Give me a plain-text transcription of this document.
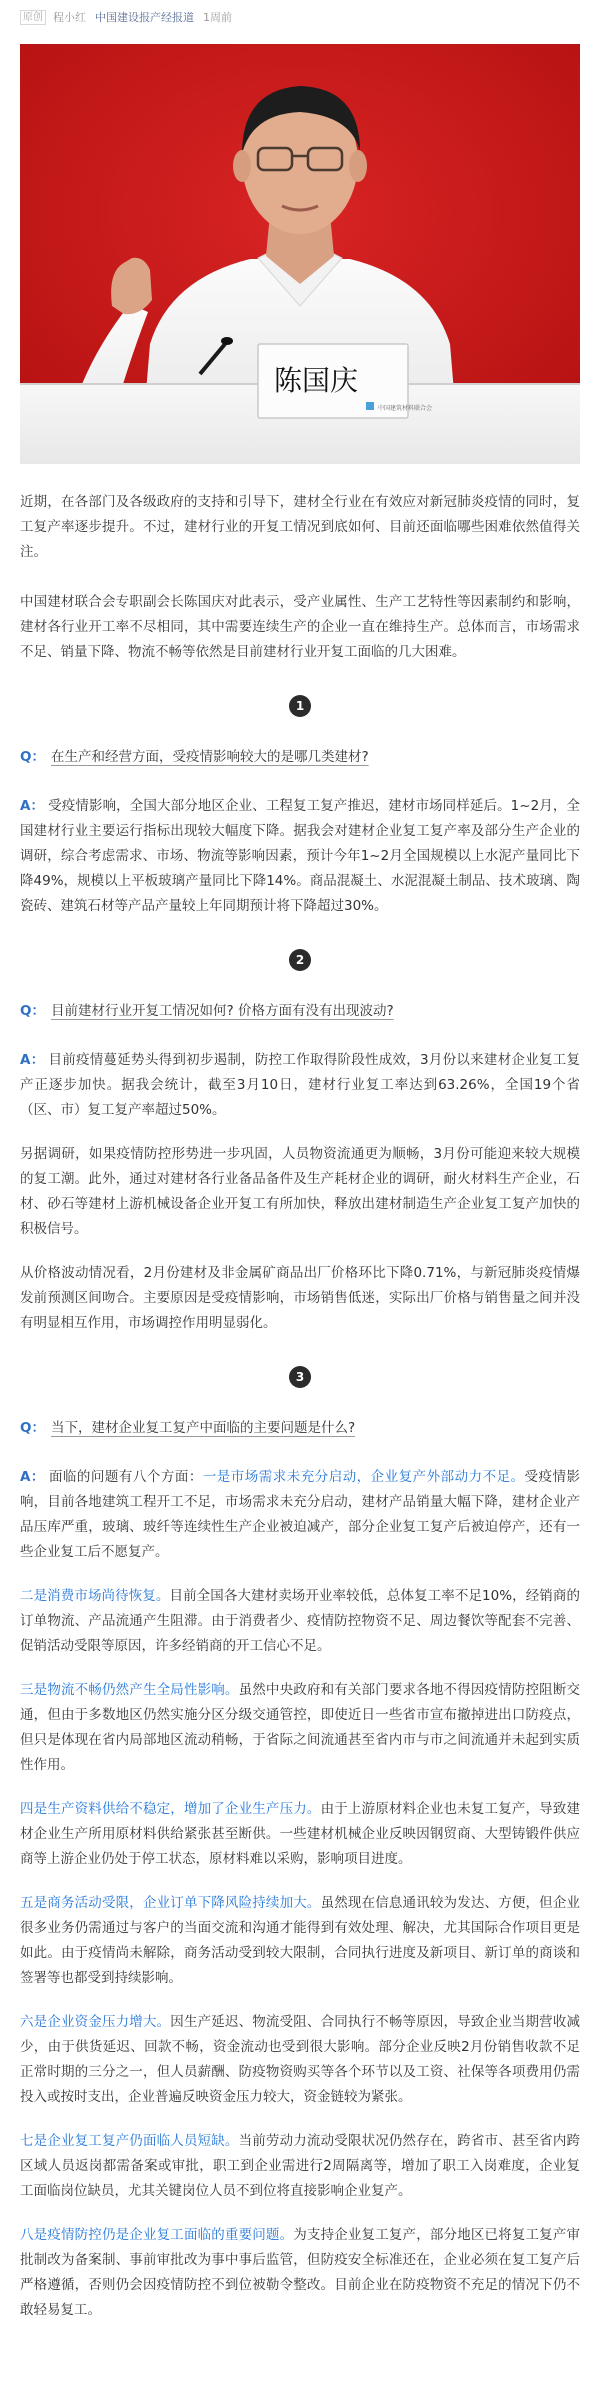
原创 程小红 中国建设报产经报道 1周前
陈国庆
中国建筑材料联合会

近期，在各部门及各级政府的支持和引导下，建材全行业在有效应对新冠肺炎疫情的同时，复工复产率逐步提升。不过，建材行业的开复工情况到底如何、目前还面临哪些困难依然值得关注。

中国建材联合会专职副会长陈国庆对此表示，受产业属性、生产工艺特性等因素制约和影响，建材各行业开工率不尽相同，其中需要连续生产的企业一直在维持生产。总体而言，市场需求不足、销量下降、物流不畅等依然是目前建材行业开复工面临的几大困难。

1

Q： 在生产和经营方面，受疫情影响较大的是哪几类建材?

A： 受疫情影响，全国大部分地区企业、工程复工复产推迟，建材市场同样延后。1~2月，全国建材行业主要运行指标出现较大幅度下降。据我会对建材企业复工复产率及部分生产企业的调研，综合考虑需求、市场、物流等影响因素，预计今年1~2月全国规模以上水泥产量同比下降49%，规模以上平板玻璃产量同比下降14%。商品混凝土、水泥混凝土制品、技术玻璃、陶瓷砖、建筑石材等产品产量较上年同期预计将下降超过30%。

2

Q： 目前建材行业开复工情况如何? 价格方面有没有出现波动?

A： 目前疫情蔓延势头得到初步遏制，防控工作取得阶段性成效，3月份以来建材企业复工复产正逐步加快。据我会统计，截至3月10日，建材行业复工率达到63.26%，全国19个省（区、市）复工复产率超过50%。

另据调研，如果疫情防控形势进一步巩固，人员物资流通更为顺畅，3月份可能迎来较大规模的复工潮。此外，通过对建材各行业备品备件及生产耗材企业的调研，耐火材料生产企业，石材、砂石等建材上游机械设备企业开复工有所加快，释放出建材制造生产企业复工复产加快的积极信号。

从价格波动情况看，2月份建材及非金属矿商品出厂价格环比下降0.71%，与新冠肺炎疫情爆发前预测区间吻合。主要原因是受疫情影响，市场销售低迷，实际出厂价格与销售量之间并没有明显相互作用，市场调控作用明显弱化。

3

Q： 当下，建材企业复工复产中面临的主要问题是什么?

A： 面临的问题有八个方面：一是市场需求未充分启动，企业复产外部动力不足。受疫情影响，目前各地建筑工程开工不足，市场需求未充分启动，建材产品销量大幅下降，建材企业产品压库严重，玻璃、玻纤等连续性生产企业被迫减产，部分企业复工复产后被迫停产，还有一些企业复工后不愿复产。

二是消费市场尚待恢复。目前全国各大建材卖场开业率较低，总体复工率不足10%，经销商的订单物流、产品流通产生阻滞。由于消费者少、疫情防控物资不足、周边餐饮等配套不完善、促销活动受限等原因，许多经销商的开工信心不足。

三是物流不畅仍然产生全局性影响。虽然中央政府和有关部门要求各地不得因疫情防控阻断交通，但由于多数地区仍然实施分区分级交通管控，即使近日一些省市宣布撤掉进出口防疫点，但只是体现在省内局部地区流动稍畅，于省际之间流通甚至省内市与市之间流通并未起到实质性作用。

四是生产资料供给不稳定，增加了企业生产压力。由于上游原材料企业也未复工复产，导致建材企业生产所用原材料供给紧张甚至断供。一些建材机械企业反映因钢贸商、大型铸锻件供应商等上游企业仍处于停工状态，原材料难以采购，影响项目进度。

五是商务活动受限，企业订单下降风险持续加大。虽然现在信息通讯较为发达、方便，但企业很多业务仍需通过与客户的当面交流和沟通才能得到有效处理、解决，尤其国际合作项目更是如此。由于疫情尚未解除，商务活动受到较大限制，合同执行进度及新项目、新订单的商谈和签署等也都受到持续影响。

六是企业资金压力增大。因生产延迟、物流受阻、合同执行不畅等原因，导致企业当期营收减少，由于供货延迟、回款不畅，资金流动也受到很大影响。部分企业反映2月份销售收款不足正常时期的三分之一，但人员薪酬、防疫物资购买等各个环节以及工资、社保等各项费用仍需投入或按时支出，企业普遍反映资金压力较大，资金链较为紧张。

七是企业复工复产仍面临人员短缺。当前劳动力流动受限状况仍然存在，跨省市、甚至省内跨区域人员返岗都需备案或审批，职工到企业需进行2周隔离等，增加了职工入岗难度，企业复工面临岗位缺员，尤其关键岗位人员不到位将直接影响企业复产。

八是疫情防控仍是企业复工面临的重要问题。为支持企业复工复产，部分地区已将复工复产审批制改为备案制、事前审批改为事中事后监管，但防疫安全标准还在，企业必须在复工复产后严格遵循，否则仍会因疫情防控不到位被勒令整改。目前企业在防疫物资不充足的情况下仍不敢轻易复工。
